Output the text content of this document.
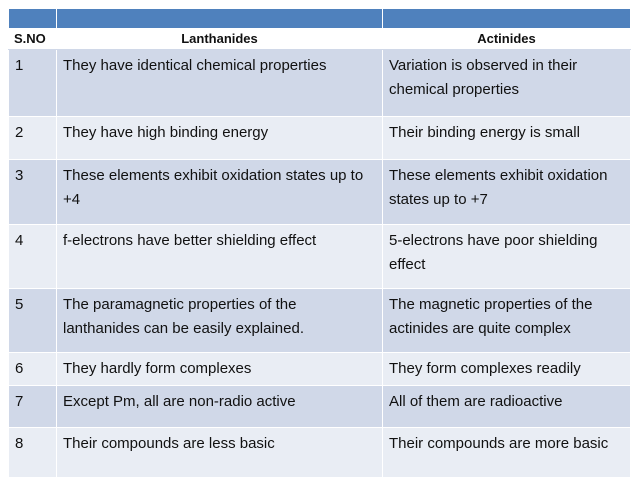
S.NO	Lanthanides	Actinides
1	They have identical chemical properties	Variation is observed in their chemical properties
2	They have high binding energy	Their binding energy is small
3	These elements exhibit oxidation states up to +4	These elements exhibit oxidation states up to +7
4	f-electrons have better shielding effect	5-electrons have poor shielding effect
5	The paramagnetic properties of the lanthanides can be easily explained.	The magnetic properties of the actinides are quite complex
6	They hardly form complexes	They form complexes readily
7	Except Pm, all are non-radio active	All of them are radioactive
8	Their compounds are less basic	Their compounds are more basic
